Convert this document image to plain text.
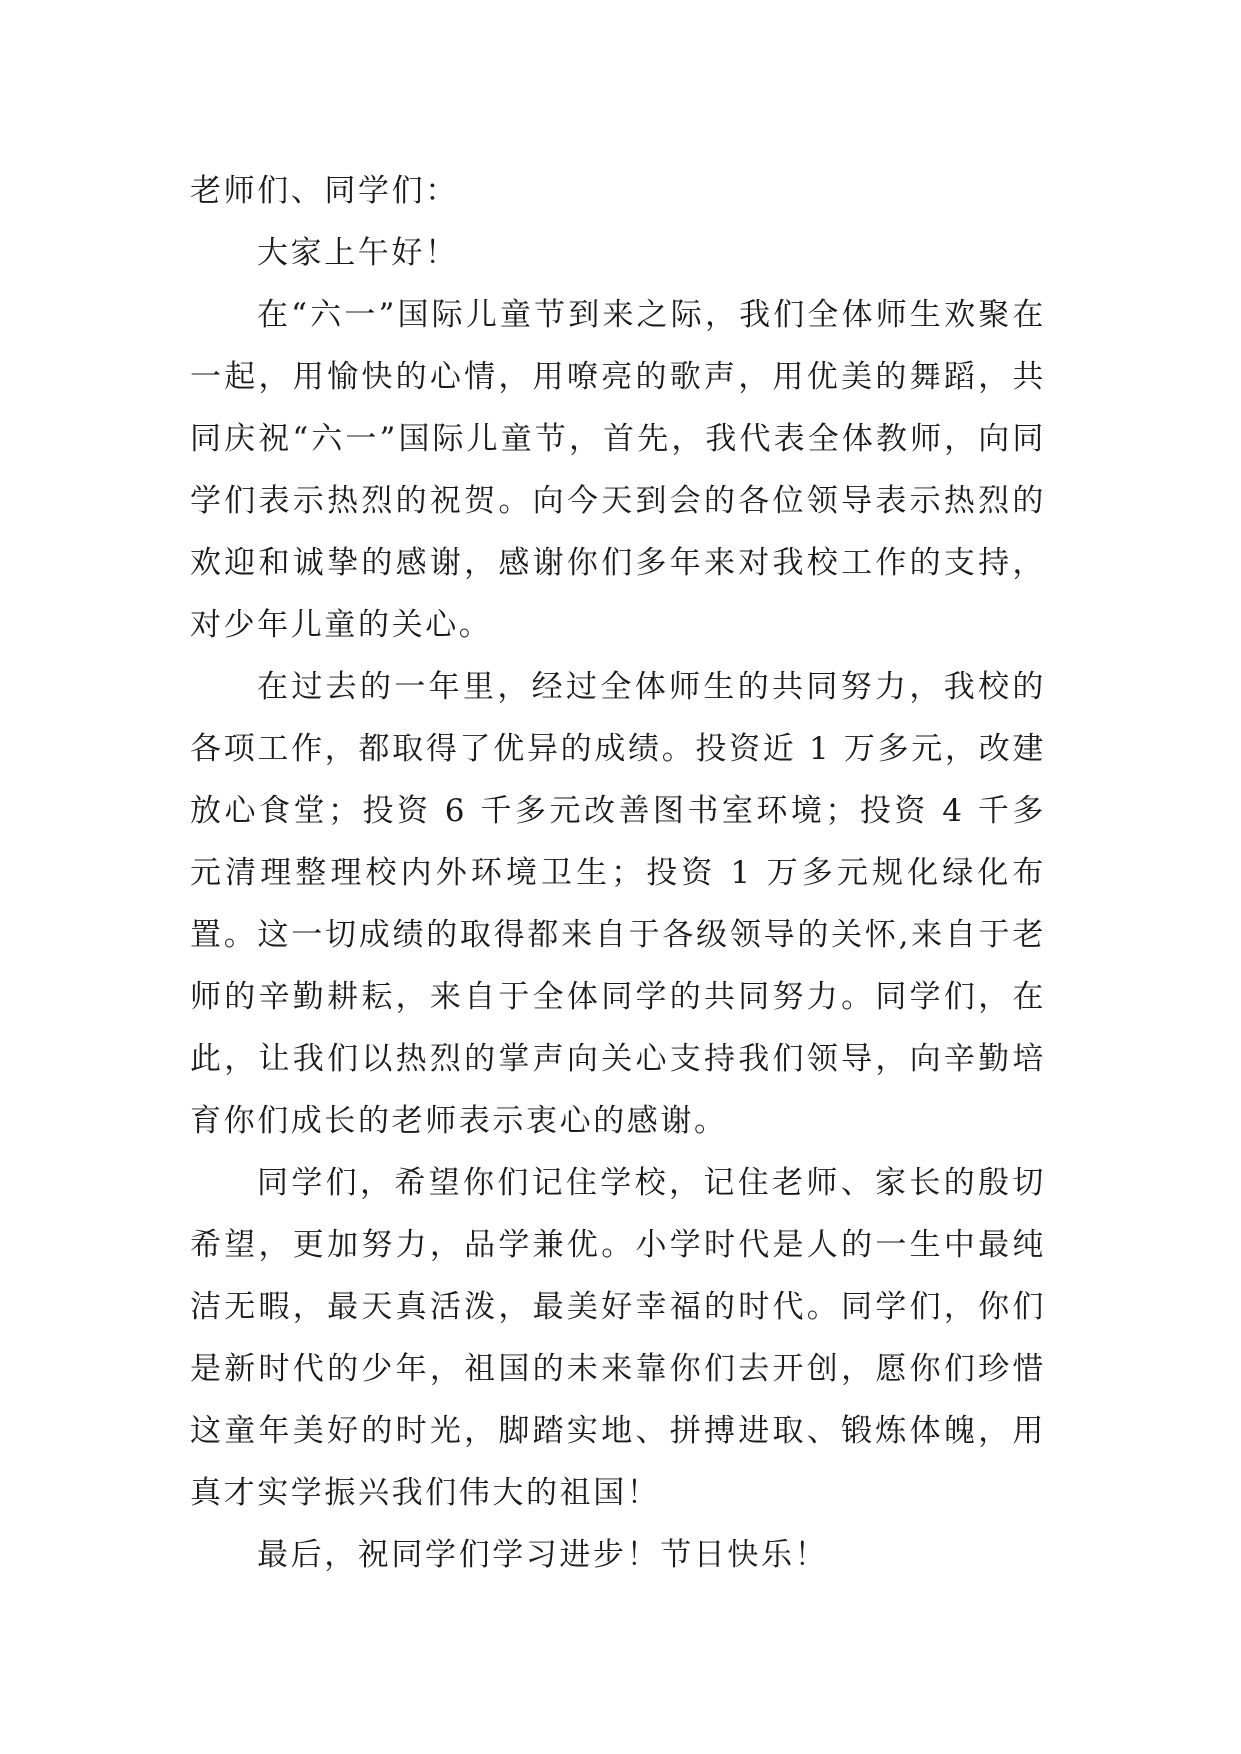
老师们、同学们：

大家上午好！

在“六一”国际儿童节到来之际，我们全体师生欢聚在一起，用愉快的心情，用嘹亮的歌声，用优美的舞蹈，共同庆祝“六一”国际儿童节，首先，我代表全体教师，向同学们表示热烈的祝贺。向今天到会的各位领导表示热烈的欢迎和诚挚的感谢，感谢你们多年来对我校工作的支持，对少年儿童的关心。

在过去的一年里，经过全体师生的共同努力，我校的各项工作，都取得了优异的成绩。投资近 1 万多元，改建放心食堂；投资 6 千多元改善图书室环境；投资 4 千多元清理整理校内外环境卫生；投资 1 万多元规化绿化布置。这一切成绩的取得都来自于各级领导的关怀,来自于老师的辛勤耕耘，来自于全体同学的共同努力。同学们，在此，让我们以热烈的掌声向关心支持我们领导，向辛勤培育你们成长的老师表示衷心的感谢。

同学们，希望你们记住学校，记住老师、家长的殷切希望，更加努力，品学兼优。小学时代是人的一生中最纯洁无暇，最天真活泼，最美好幸福的时代。同学们，你们是新时代的少年，祖国的未来靠你们去开创，愿你们珍惜这童年美好的时光，脚踏实地、拼搏进取、锻炼体魄，用真才实学振兴我们伟大的祖国！

最后，祝同学们学习进步！节日快乐！
